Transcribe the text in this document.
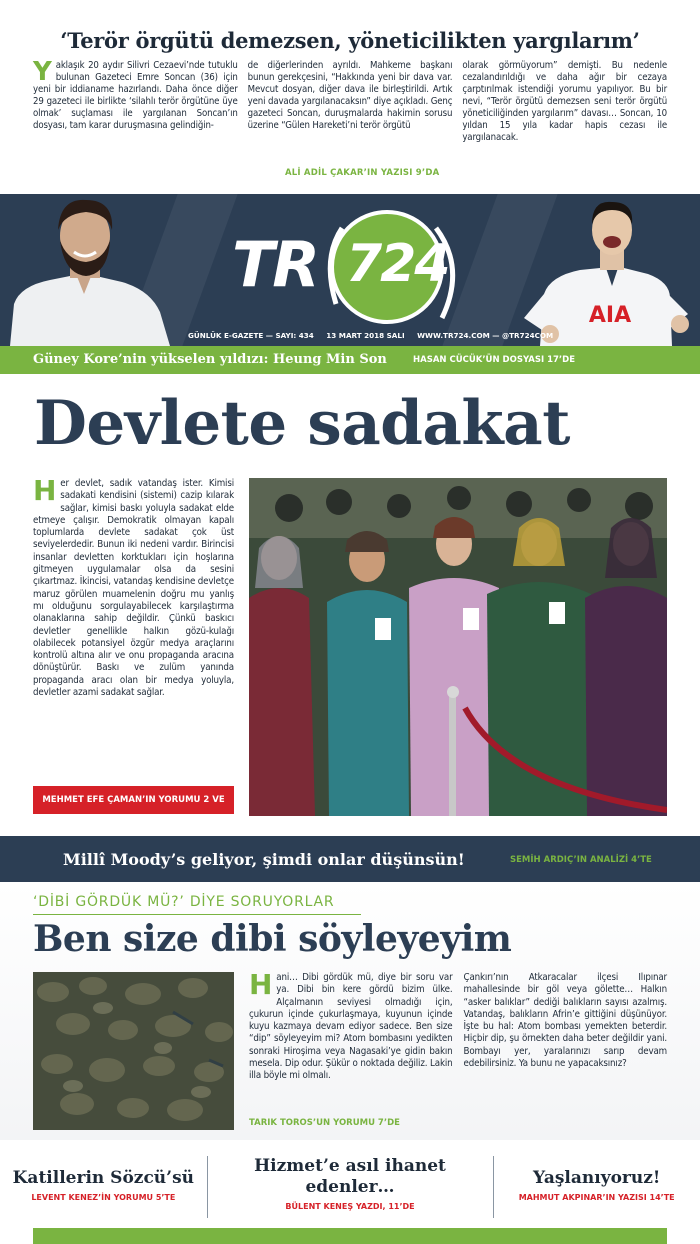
‘Terör örgütü demezsen, yöneticilikten yargılarım’
Yaklaşık 20 aydır Silivri Cezaevi’nde tutuklu bulunan Gazeteci Emre Soncan (36) için yeni bir iddianame hazırlandı. Daha önce diğer 29 gazeteci ile birlikte ‘silahlı terör örgütüne üye olmak’ suçlaması ile yargılanan Soncan’ın dosyası, tam karar duruşmasına gelindiğin-
de diğerlerinden ayrıldı. Mahkeme başkanı bunun gerekçesini, “Hakkında yeni bir dava var. Mevcut dosyan, diğer dava ile birleştirildi. Artık yeni davada yargılanacaksın” diye açıkladı. Genç gazeteci Soncan, duruşmalarda hakimin sorusu üzerine “Gülen Hareketi’ni terör örgütü
olarak görmüyorum” demişti. Bu nedenle cezalandırıldığı ve daha ağır bir cezaya çarptırılmak istendiği yorumu yapılıyor. Bu bir nevi, “Terör örgütü demezsen seni terör örgütü yöneticiliğinden yargılarım” davası… Soncan, 10 yıldan 15 yıla kadar hapis cezası ile yargılanacak.
ALİ ADİL ÇAKAR’IN YAZISI 9’DA
AIA
TR 724
GÜNLÜK E-GAZETE — SAYI: 434     13 MART 2018 SALI     WWW.TR724.COM — @TR724COM
Güney Kore’nin yükselen yıldızı: Heung Min Son	HASAN CÜCÜK’ÜN DOSYASI 17’DE
Devlete sadakat
Her devlet, sadık vatandaş ister. Kimisi sadakati kendisini (sistemi) cazip kılarak sağlar, kimisi baskı yoluyla sadakat elde etmeye çalışır. Demokratik olmayan kapalı toplumlarda devlete sadakat çok üst seviyelerdedir. Bunun iki nedeni vardır. Birincisi insanlar devletten korktukları için hoşlarına gitmeyen uygulamalar olsa da sesini çıkartmaz. İkincisi, vatandaş kendisine devletçe maruz görülen muamelenin doğru mu yanlış mı olduğunu sorgulayabilecek karşılaştırma olanaklarına sahip değildir. Çünkü baskıcı devletler genellikle halkın gözü-kulağı olabilecek potansiyel özgür medya araçlarını kontrolü altına alır ve onu propaganda aracına dönüştürür. Baskı ve zulüm yanında propaganda aracı olan bir medya yoluyla, devletler azami sadakat sağlar.
MEHMET EFE ÇAMAN’IN YORUMU 2 VE 3’TE
Millî Moody’s geliyor, şimdi onlar düşünsün!	SEMİH ARDIÇ’IN ANALİZİ 4’TE
‘DİBİ GÖRDÜK MÜ?’ DİYE SORUYORLAR
Ben size dibi söyleyeyim
Hani… Dibi gördük mü, diye bir soru var ya. Dibi bin kere gördü bizim ülke. Alçalmanın seviyesi olmadığı için, çukurun içinde çukurlaşmaya, kuyunun içinde kuyu kazmaya devam ediyor sadece. Ben size “dip” söyleyeyim mi? Atom bombasını yedikten sonraki Hiroşima veya Nagasaki’ye gidin bakın mesela. Dip odur. Şükür o noktada değiliz. Lakin illa böyle mi olmalı.
Çankırı’nın Atkaracalar ilçesi Ilıpınar mahallesinde bir göl veya gölette… Halkın “asker balıklar” dediği balıkların sayısı azalmış. Vatandaş, balıkların Afrin’e gittiğini düşünüyor. İşte bu hal: Atom bombası yemekten beterdir. Hiçbir dip, şu örnekten daha beter değildir yani. Bombayı yer, yaralarınızı sarıp devam edebilirsiniz. Ya bunu ne yapacaksınız?
TARIK TOROS’UN YORUMU 7’DE
Katillerin Sözcü’sü
LEVENT KENEZ’İN YORUMU 5’TE
Hizmet’e asıl ihanet edenler…
BÜLENT KENEŞ YAZDI, 11’DE
Yaşlanıyoruz!
MAHMUT AKPINAR’IN YAZISI 14’TE
